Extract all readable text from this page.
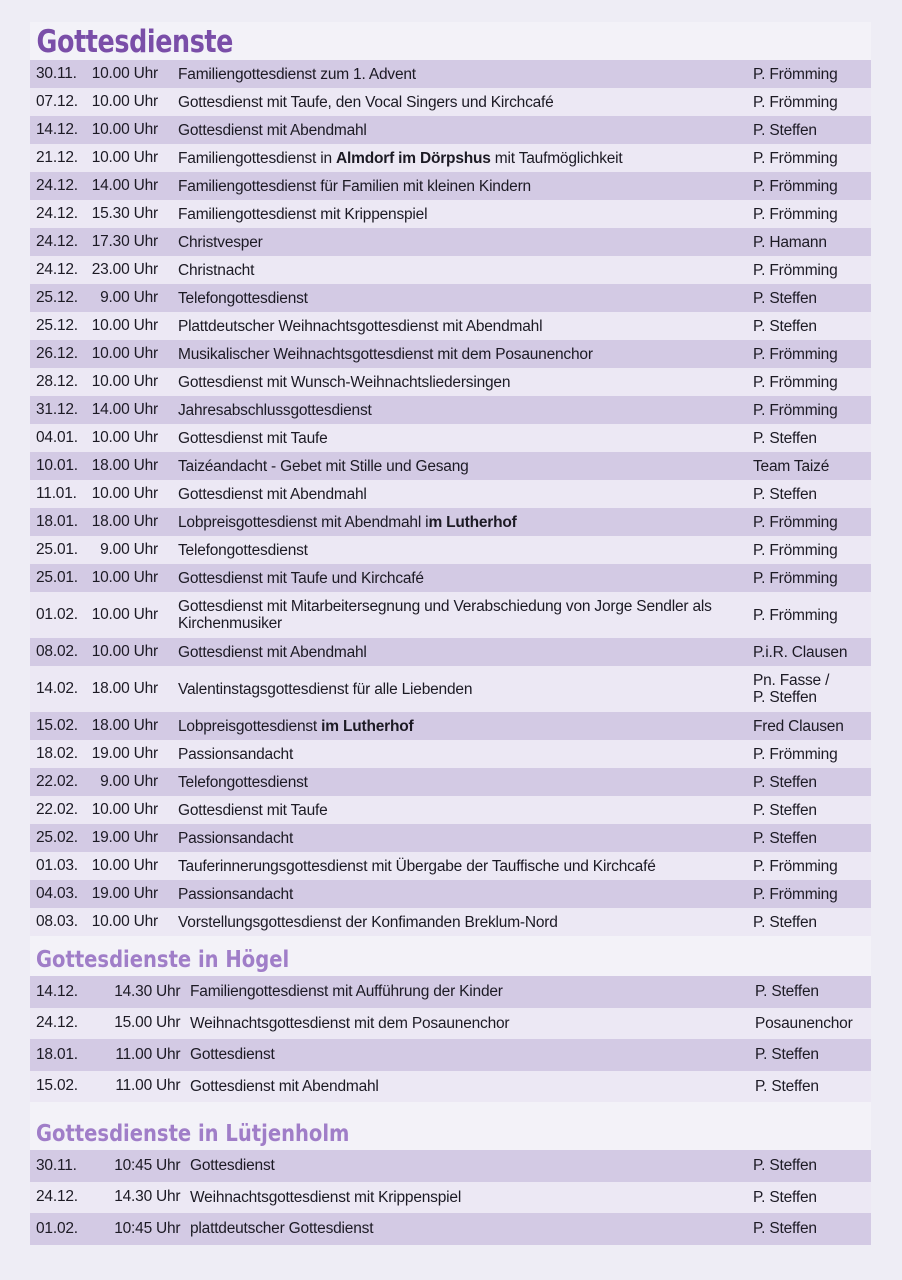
Gottesdienste
30.11. 10.00 Uhr	Familiengottesdienst zum 1. Advent	P. Frömming
07.12. 10.00 Uhr	Gottesdienst mit Taufe, den Vocal Singers und Kirchcafé	P. Frömming
14.12. 10.00 Uhr	Gottesdienst mit Abendmahl	P. Steffen
21.12. 10.00 Uhr	Familiengottesdienst in Almdorf im Dörpshus mit Taufmöglichkeit	P. Frömming
24.12. 14.00 Uhr	Familiengottesdienst für Familien mit kleinen Kindern	P. Frömming
24.12. 15.30 Uhr	Familiengottesdienst mit Krippenspiel	P. Frömming
24.12. 17.30 Uhr	Christvesper	P. Hamann
24.12. 23.00 Uhr	Christnacht	P. Frömming
25.12.	9.00 Uhr	Telefongottesdienst	P. Steffen
25.12. 10.00 Uhr	Plattdeutscher Weihnachtsgottesdienst mit Abendmahl	P. Steffen
26.12. 10.00 Uhr	Musikalischer Weihnachtsgottesdienst mit dem Posaunenchor	P. Frömming
28.12. 10.00 Uhr	Gottesdienst mit Wunsch-Weihnachtsliedersingen	P. Frömming
31.12. 14.00 Uhr	Jahresabschlussgottesdienst	P. Frömming
04.01. 10.00 Uhr	Gottesdienst mit Taufe	P. Steffen
10.01. 18.00 Uhr	Taizéandacht - Gebet mit Stille und Gesang	Team Taizé
11.01. 10.00 Uhr	Gottesdienst mit Abendmahl	P. Steffen
18.01. 18.00 Uhr	Lobpreisgottesdienst mit Abendmahl im Lutherhof	P. Frömming
25.01.	9.00 Uhr	Telefongottesdienst	P. Frömming
25.01. 10.00 Uhr	Gottesdienst mit Taufe und Kirchcafé	P. Frömming
01.02. 10.00 Uhr	Gottesdienst mit Mitarbeitersegnung und Verabschiedung von Jorge Sendler als
Kirchenmusiker	P. Frömming
08.02. 10.00 Uhr	Gottesdienst mit Abendmahl	P.i.R. Clausen
14.02. 18.00 Uhr	Valentinstagsgottesdienst für alle Liebenden	Pn. Fasse /
P. Steffen
15.02. 18.00 Uhr	Lobpreisgottesdienst im Lutherhof	Fred Clausen
18.02. 19.00 Uhr	Passionsandacht	P. Frömming
22.02.	9.00 Uhr	Telefongottesdienst	P. Steffen
22.02. 10.00 Uhr	Gottesdienst mit Taufe	P. Steffen
25.02. 19.00 Uhr	Passionsandacht	P. Steffen
01.03. 10.00 Uhr	Tauferinnerungsgottesdienst mit Übergabe der Tauffische und Kirchcafé	P. Frömming
04.03. 19.00 Uhr	Passionsandacht	P. Frömming
08.03. 10.00 Uhr	Vorstellungsgottesdienst der Konfimanden Breklum-Nord	P. Steffen
Gottesdienste in Högel
14.12.	14.30 Uhr Familiengottesdienst mit Aufführung der Kinder	P. Steffen
24.12.	15.00 Uhr Weihnachtsgottesdienst mit dem Posaunenchor	Posaunenchor
18.01.	11.00 Uhr Gottesdienst	P. Steffen
15.02.	11.00 Uhr Gottesdienst mit Abendmahl	P. Steffen
Gottesdienste in Lütjenholm
30.11.	10:45 Uhr Gottesdienst	P. Steffen
24.12.	14.30 Uhr Weihnachtsgottesdienst mit Krippenspiel	P. Steffen
01.02.	10:45 Uhr plattdeutscher Gottesdienst	P. Steffen
